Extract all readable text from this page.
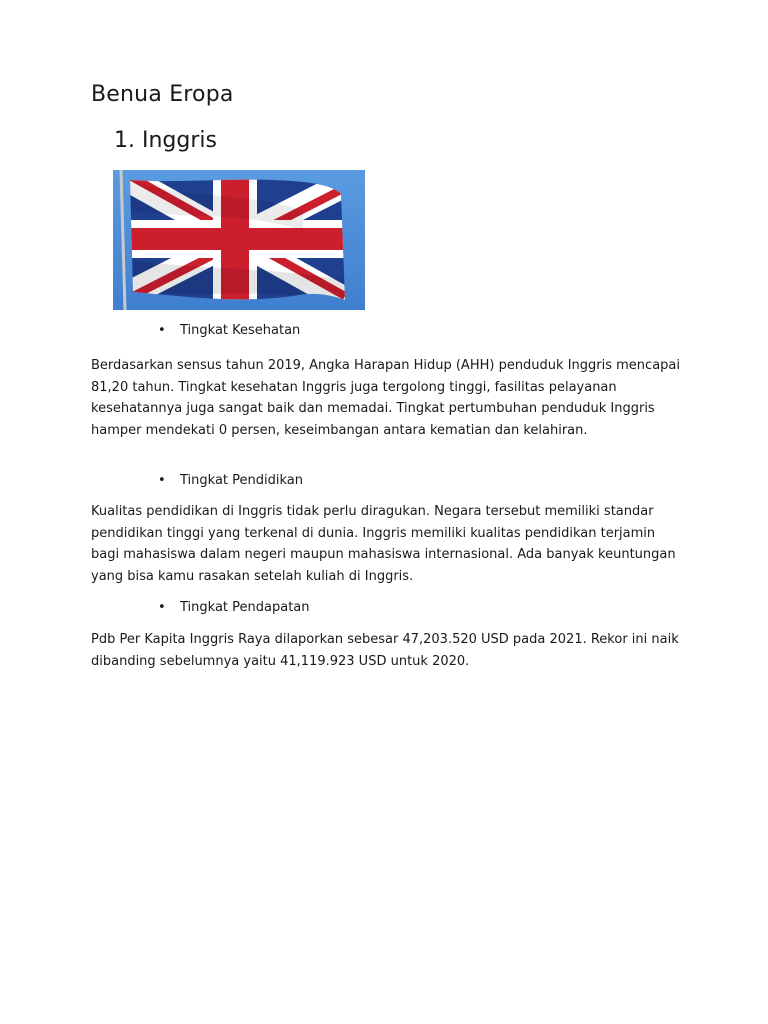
Benua Eropa
1. Inggris
• Tingkat Kesehatan

Berdasarkan sensus tahun 2019, Angka Harapan Hidup (AHH) penduduk Inggris mencapai 81,20 tahun. Tingkat kesehatan Inggris juga tergolong tinggi, fasilitas pelayanan kesehatannya juga sangat baik dan memadai. Tingkat pertumbuhan penduduk Inggris hamper mendekati 0 persen, keseimbangan antara kematian dan kelahiran.

• Tingkat Pendidikan

Kualitas pendidikan di Inggris tidak perlu diragukan. Negara tersebut memiliki standar pendidikan tinggi yang terkenal di dunia. Inggris memiliki kualitas pendidikan terjamin bagi mahasiswa dalam negeri maupun mahasiswa internasional. Ada banyak keuntungan yang bisa kamu rasakan setelah kuliah di Inggris.

• Tingkat Pendapatan

Pdb Per Kapita Inggris Raya dilaporkan sebesar 47,203.520 USD pada 2021. Rekor ini naik dibanding sebelumnya yaitu 41,119.923 USD untuk 2020.
